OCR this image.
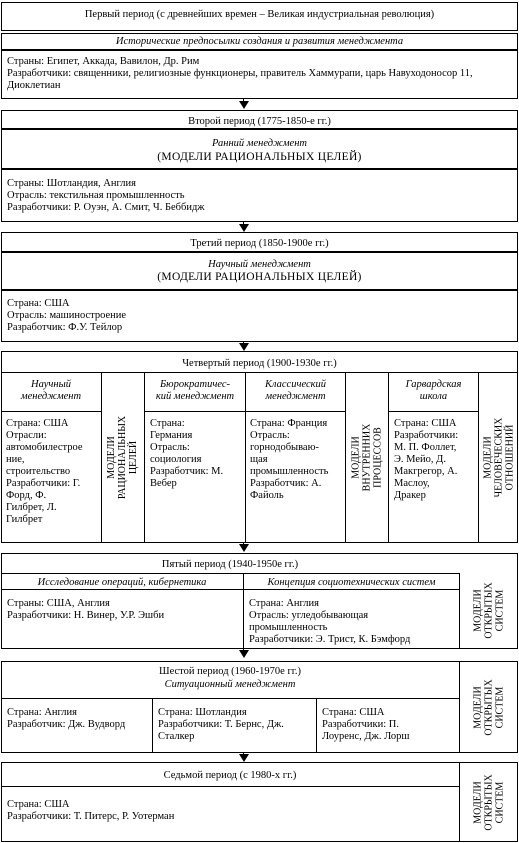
Первый период (с древнейших времен – Великая индустриальная революция)
Исторические предпосылки создания и развития менеджмента
Страны: Египет, Аккада, Вавилон, Др. Рим
Разработчики: священники, религиозные функционеры, правитель Хаммурапи, царь Навуходоносор 11, Диоклетиан
Второй период (1775-1850-е гг.)
Ранний менеджмент
(МОДЕЛИ РАЦИОНАЛЬНЫХ ЦЕЛЕЙ)
Страны: Шотландия, Англия
Отрасль: текстильная промышленность
Разработчики: Р. Оуэн, А. Смит, Ч. Беббидж
Третий период (1850-1900е гг.)
Научный менеджмент
(МОДЕЛИ РАЦИОНАЛЬНЫХ ЦЕЛЕЙ)
Страна: США
Отрасль: машиностроение
Разработчик: Ф.У. Тейлор
Четвертый период (1900-1930е гг.)
Научный
менеджмент
Страна: США
Отрасли:
автомобилестрое
ние,
строительство
Разработчики: Г.
Форд, Ф.
Гилбрет, Л.
Гилбрет
МОДЕЛИ РАЦИОНАЛЬНЫХ
ЦЕЛЕЙ
Бюрократичес-
кий менеджмент
Страна:
Германия
Отрасль:
социология
Разработчик: М.
Вебер
Классический
менеджмент
Страна: Франция
Отрасль:
горнодобываю-
щая
промышленность
Разработчик: А.
Файоль
МОДЕЛИ ВНУТРЕННИХ
ПРОЦЕССОВ
Гарвардская
школа
Страна: США
Разработчики:
М. П. Фоллет,
Э. Мейо, Д.
Макгрегор, А.
Маслоу,
Дракер
МОДЕЛИ ЧЕЛОВЕЧЕСКИХ
ОТНОШЕНИЙ
Пятый период (1940-1950е гг.)
Исследование операций, кибернетика
Страны: США, Англия
Разработчики: Н. Винер, У.Р. Эшби
Концепция социотехнических систем
Страна: Англия
Отрасль: угледобывающая
промышленность
Разработчики: Э. Трист, К. Бэмфорд
МОДЕЛИ
ОТКРЫТЫХ
СИСТЕМ
Шестой период (1960-1970е гг.)
Ситуационный менеджмент
Страна: Англия
Разработчик: Дж. Вудворд
Страна: Шотландия
Разработчики: Т. Бернс, Дж.
Сталкер
Страна: США
Разработчики: П.
Лоуренс, Дж. Лорш
МОДЕЛИ
ОТКРЫТЫХ
СИСТЕМ
Седьмой период (с 1980-х гг.)
Страна: США
Разработчики: Т. Питерс, Р. Уотерман	МОДЕЛИ
ОТКРЫТЫХ
СИСТЕМ
